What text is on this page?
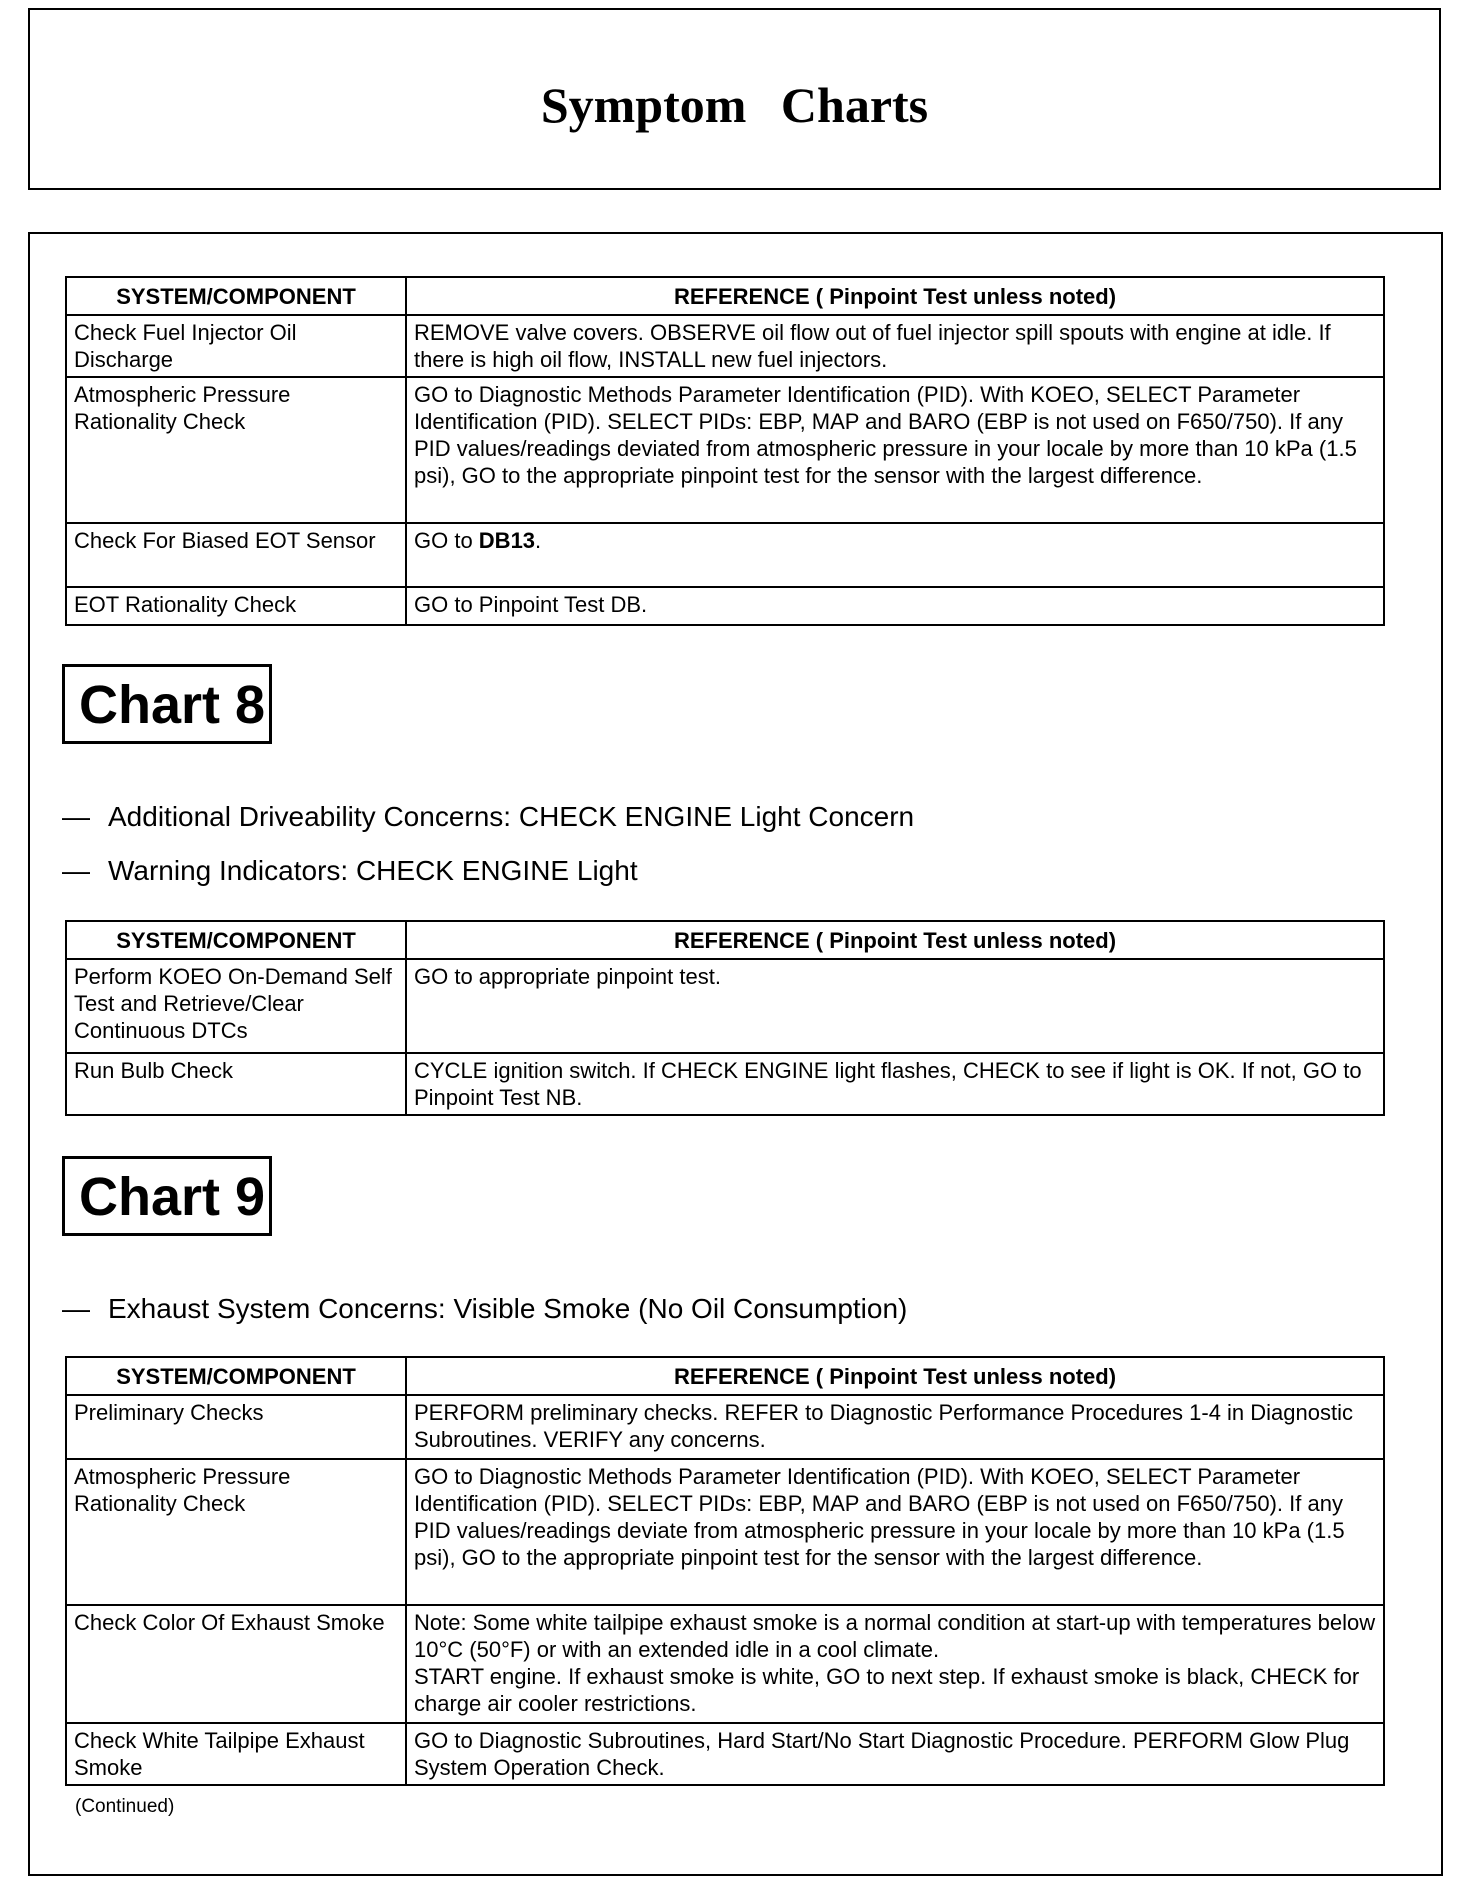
Symptom Charts
SYSTEM/COMPONENT	REFERENCE ( Pinpoint Test unless noted)
Check Fuel Injector Oil Discharge	REMOVE valve covers. OBSERVE oil flow out of fuel injector spill spouts with engine at idle. If there is high oil flow, INSTALL new fuel injectors.
Atmospheric Pressure Rationality Check	GO to Diagnostic Methods Parameter Identification (PID). With KOEO, SELECT Parameter Identification (PID). SELECT PIDs: EBP, MAP and BARO (EBP is not used on F650/750). If any PID values/readings deviated from atmospheric pressure in your locale by more than 10 kPa (1.5 psi), GO to the appropriate pinpoint test for the sensor with the largest difference.
Check For Biased EOT Sensor	GO to DB13.
EOT Rationality Check	GO to Pinpoint Test DB.
Chart 8
— Additional Driveability Concerns: CHECK ENGINE Light Concern
— Warning Indicators: CHECK ENGINE Light
SYSTEM/COMPONENT	REFERENCE ( Pinpoint Test unless noted)
Perform KOEO On-Demand Self Test and Retrieve/Clear Continuous DTCs	GO to appropriate pinpoint test.
Run Bulb Check	CYCLE ignition switch. If CHECK ENGINE light flashes, CHECK to see if light is OK. If not, GO to Pinpoint Test NB.
Chart 9
— Exhaust System Concerns: Visible Smoke (No Oil Consumption)
SYSTEM/COMPONENT	REFERENCE ( Pinpoint Test unless noted)
Preliminary Checks	PERFORM preliminary checks. REFER to Diagnostic Performance Procedures 1-4 in Diagnostic Subroutines. VERIFY any concerns.
Atmospheric Pressure Rationality Check	GO to Diagnostic Methods Parameter Identification (PID). With KOEO, SELECT Parameter Identification (PID). SELECT PIDs: EBP, MAP and BARO (EBP is not used on F650/750). If any PID values/readings deviate from atmospheric pressure in your locale by more than 10 kPa (1.5 psi), GO to the appropriate pinpoint test for the sensor with the largest difference.
Check Color Of Exhaust Smoke	Note: Some white tailpipe exhaust smoke is a normal condition at start-up with temperatures below 10°C (50°F) or with an extended idle in a cool climate.
START engine. If exhaust smoke is white, GO to next step. If exhaust smoke is black, CHECK for charge air cooler restrictions.
Check White Tailpipe Exhaust Smoke	GO to Diagnostic Subroutines, Hard Start/No Start Diagnostic Procedure. PERFORM Glow Plug System Operation Check.
(Continued)
